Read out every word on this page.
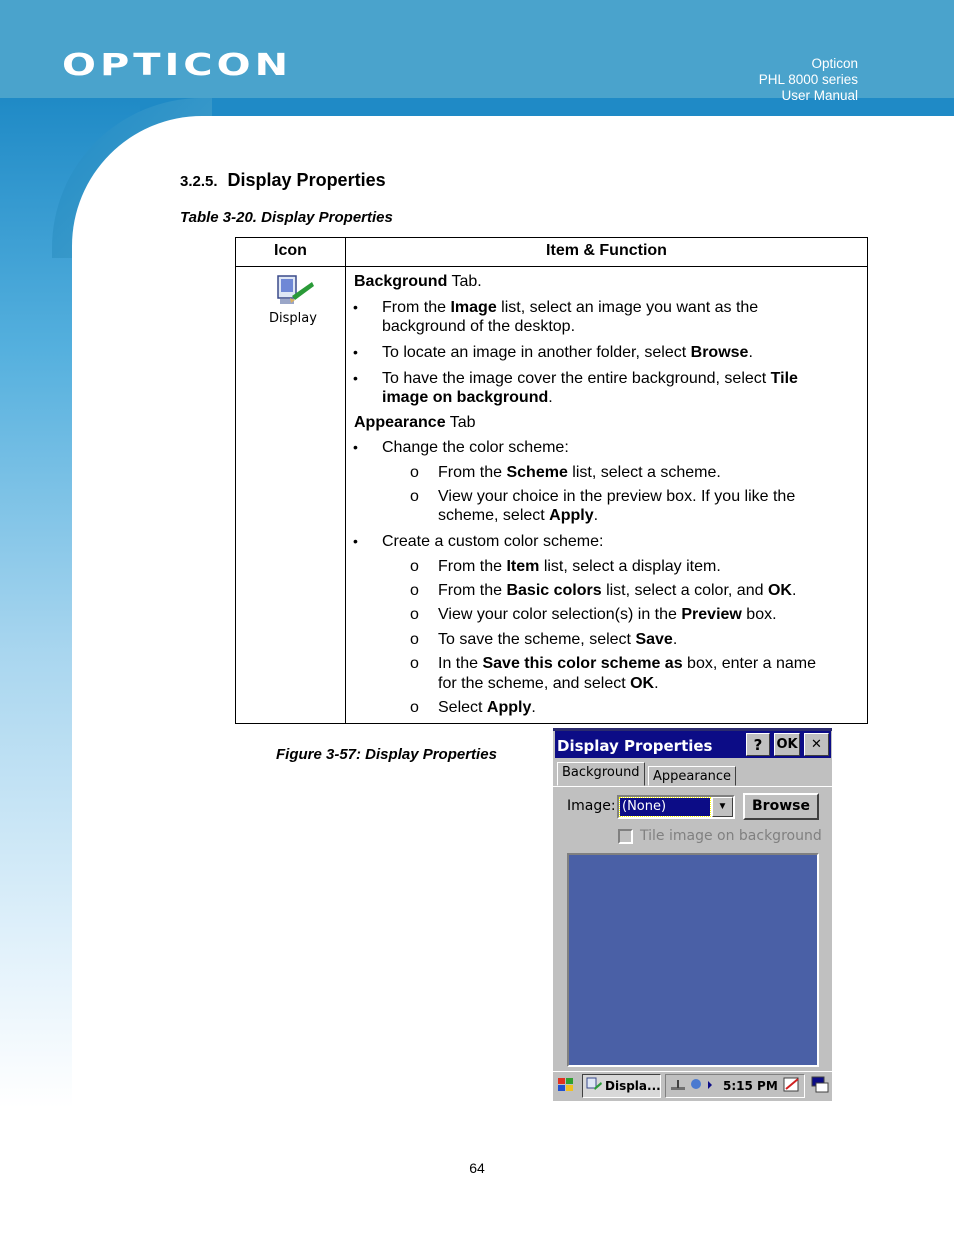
OPTICON	Opticon
PHL 8000 series
User Manual
3.2.5. Display Properties
Table 3-20. Display Properties
Icon	Item & Function
Display
Background Tab.
• From the Image list, select an image you want as the
background of the desktop.
• To locate an image in another folder, select Browse.
• To have the image cover the entire background, select Tile
image on background.
Appearance Tab
• Change the color scheme:
o From the Scheme list, select a scheme.
o View your choice in the preview box. If you like the
scheme, select Apply.
• Create a custom color scheme:
o From the Item list, select a display item.
o From the Basic colors list, select a color, and OK.
o View your color selection(s) in the Preview box.
o To save the scheme, select Save.
o In the Save this color scheme as box, enter a name
for the scheme, and select OK.
o Select Apply.
Figure 3-57: Display Properties	Display Properties	?	OK	✕
Background	Appearance
Image: (None)	▼	Browse
Tile image on background
Displa...	5:15 PM
64
